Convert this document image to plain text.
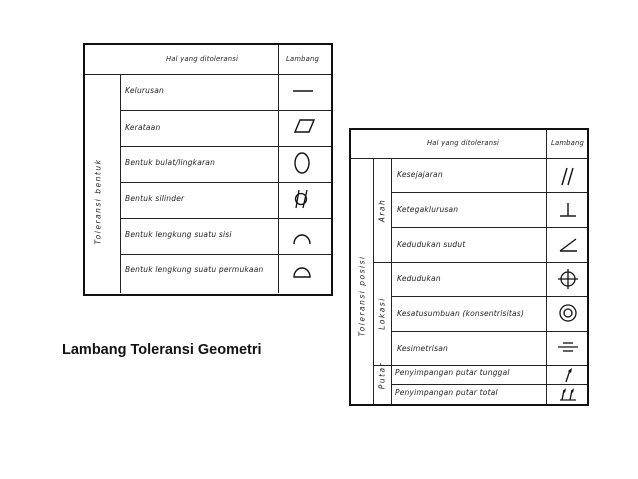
Hal yang ditoleransi	Lambang
Toleransi bentuk
Kelurusan
Kerataan
Bentuk bulat/lingkaran
Bentuk silinder
Bentuk lengkung suatu sisi
Bentuk lengkung suatu permukaan
Hal yang ditoleransi	Lambang
Toleransi posisi
Arah
Lokasi
Putar
Kesejajaran
Ketegaklurusan
Kedudukan sudut
Kedudukan
Kesatusumbuan (konsentrisitas)
Kesimetrisan
Penyimpangan putar tunggal
Penyimpangan putar total
Lambang Toleransi Geometri
